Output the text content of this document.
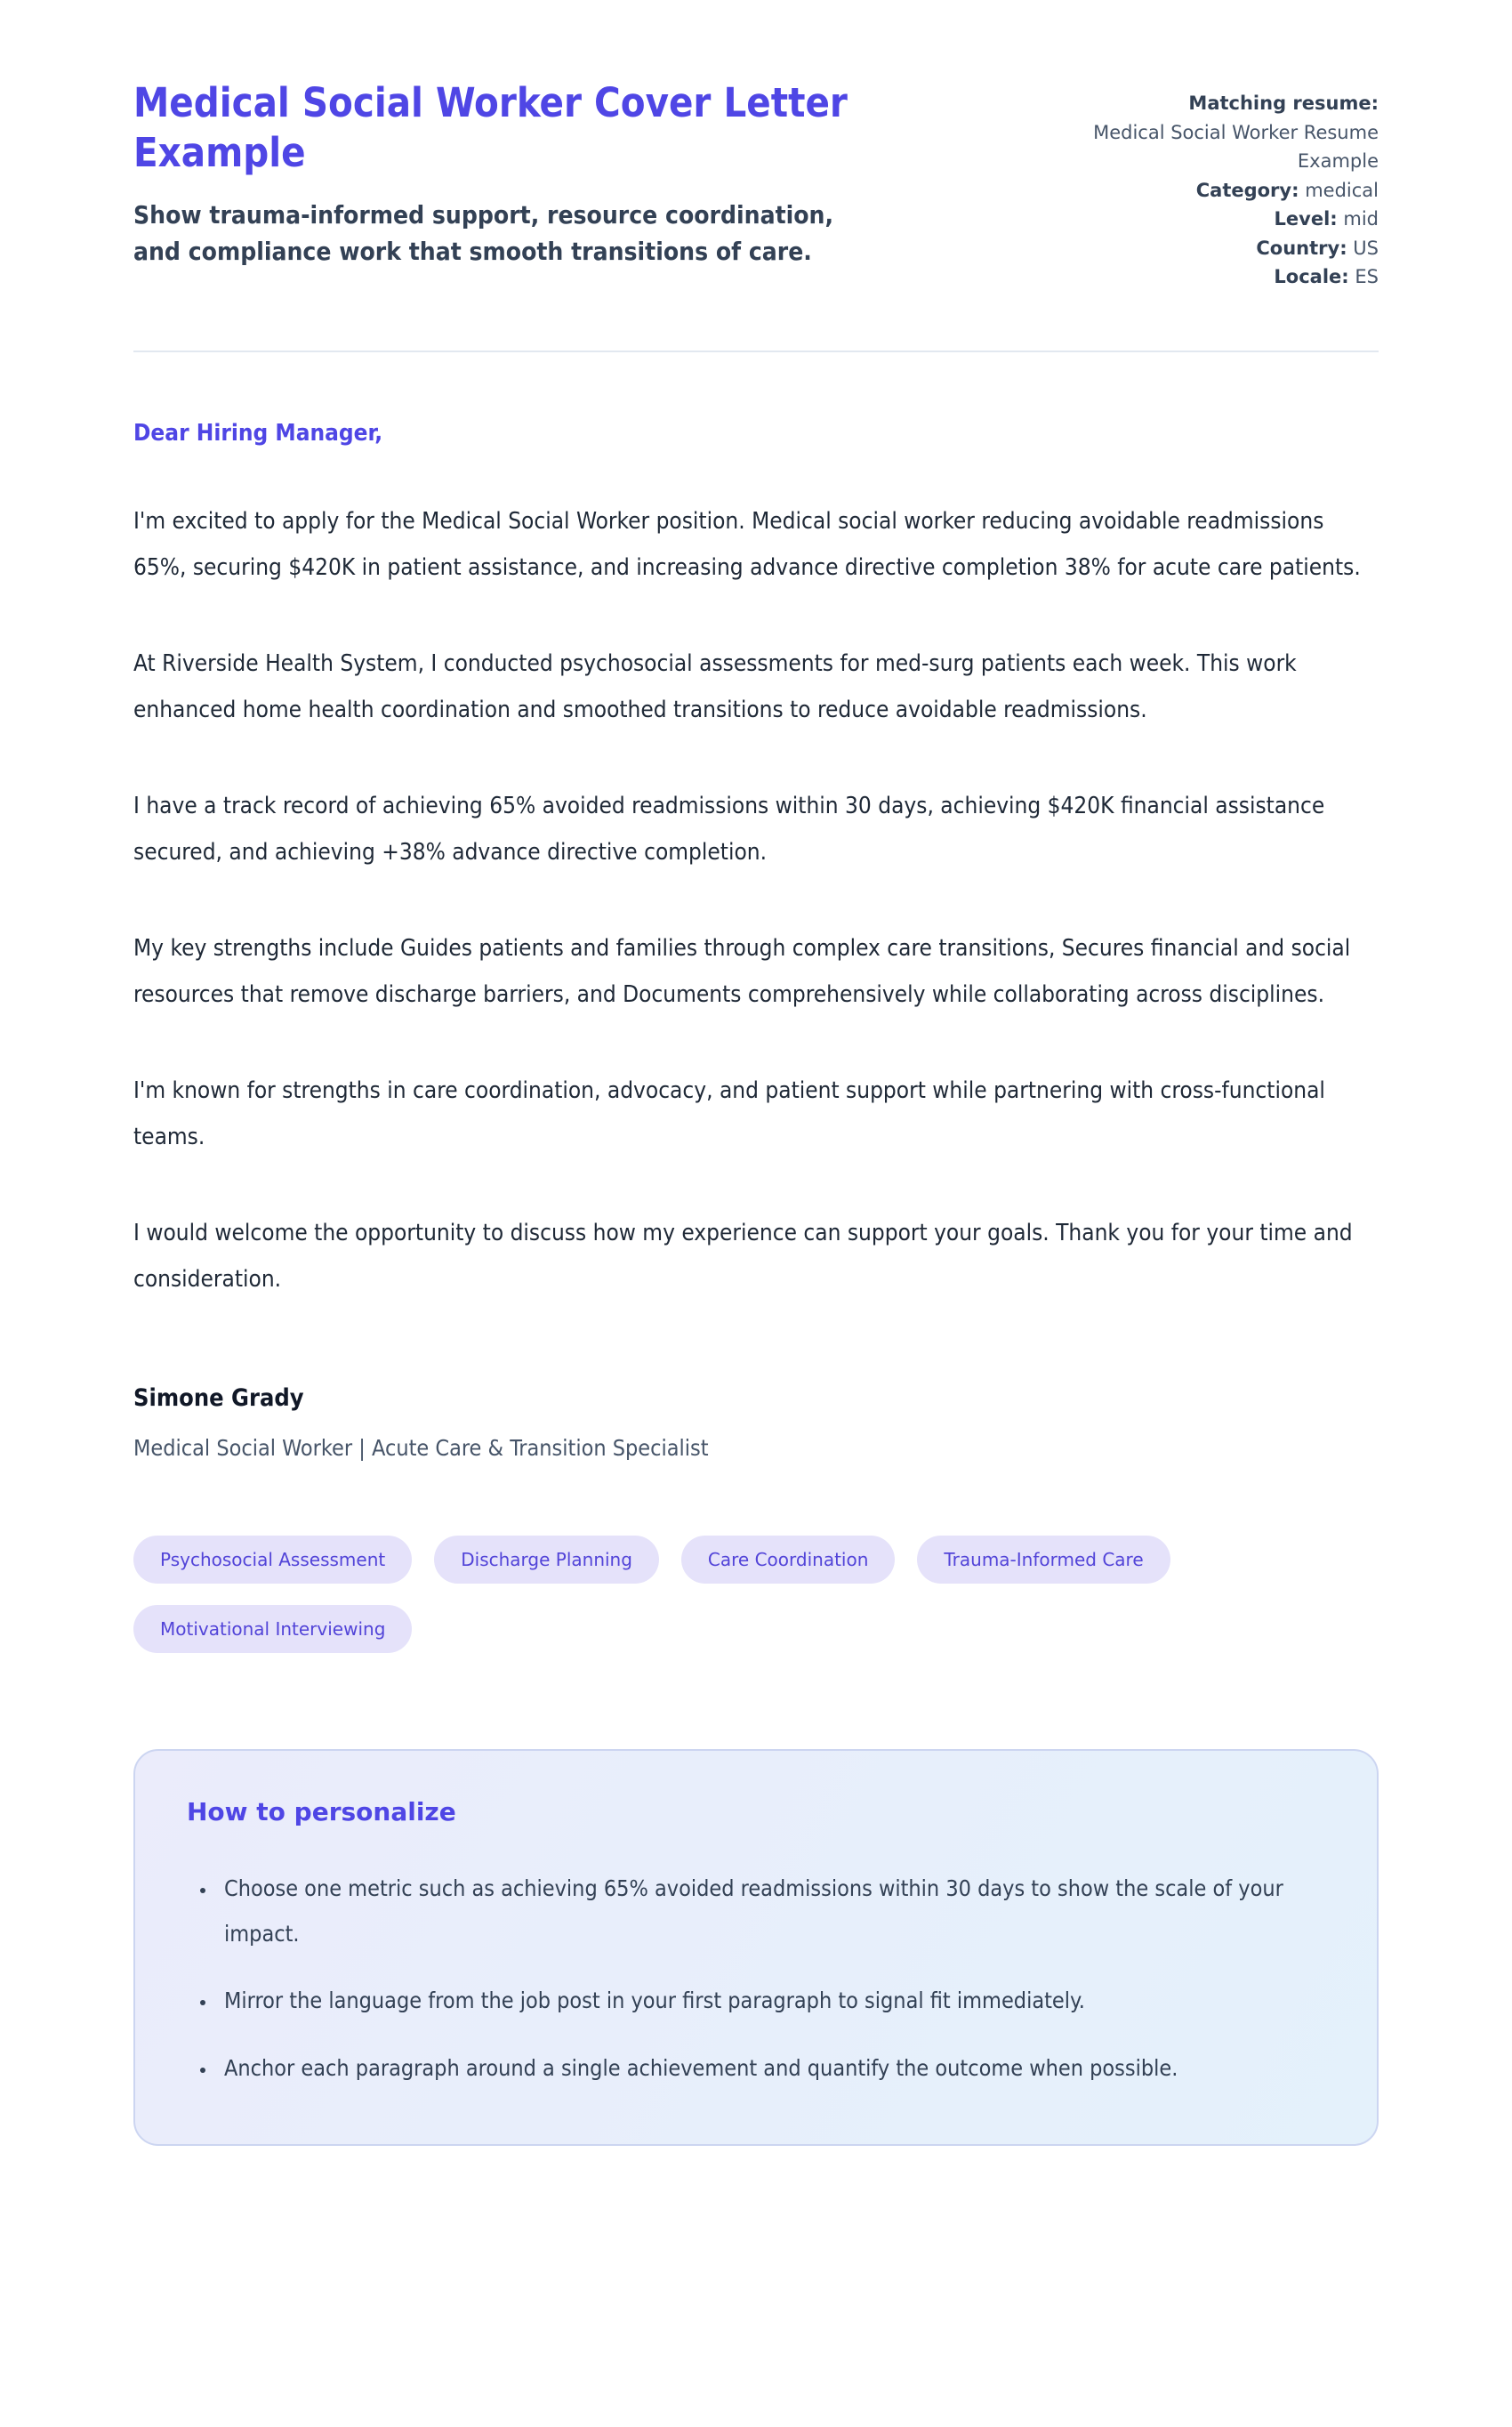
Medical Social Worker Cover Letter Example
Show trauma-informed support, resource coordination, and compliance work that smooth transitions of care.
Matching resume:
Medical Social Worker Resume Example
Category: medical
Level: mid
Country: US
Locale: ES
Dear Hiring Manager,

I'm excited to apply for the Medical Social Worker position. Medical social worker reducing avoidable readmissions 65%, securing $420K in patient assistance, and increasing advance directive completion 38% for acute care patients.

At Riverside Health System, I conducted psychosocial assessments for med-surg patients each week. This work enhanced home health coordination and smoothed transitions to reduce avoidable readmissions.

I have a track record of achieving 65% avoided readmissions within 30 days, achieving $420K financial assistance secured, and achieving +38% advance directive completion.

My key strengths include Guides patients and families through complex care transitions, Secures financial and social resources that remove discharge barriers, and Documents comprehensively while collaborating across disciplines.

I'm known for strengths in care coordination, advocacy, and patient support while partnering with cross-functional teams.

I would welcome the opportunity to discuss how my experience can support your goals. Thank you for your time and consideration.

Simone Grady
Medical Social Worker | Acute Care & Transition Specialist
Psychosocial Assessment	Discharge Planning	Care Coordination	Trauma-Informed Care
Motivational Interviewing
How to personalize
• Choose one metric such as achieving 65% avoided readmissions within 30 days to show the scale of your impact.
• Mirror the language from the job post in your first paragraph to signal fit immediately.
• Anchor each paragraph around a single achievement and quantify the outcome when possible.
